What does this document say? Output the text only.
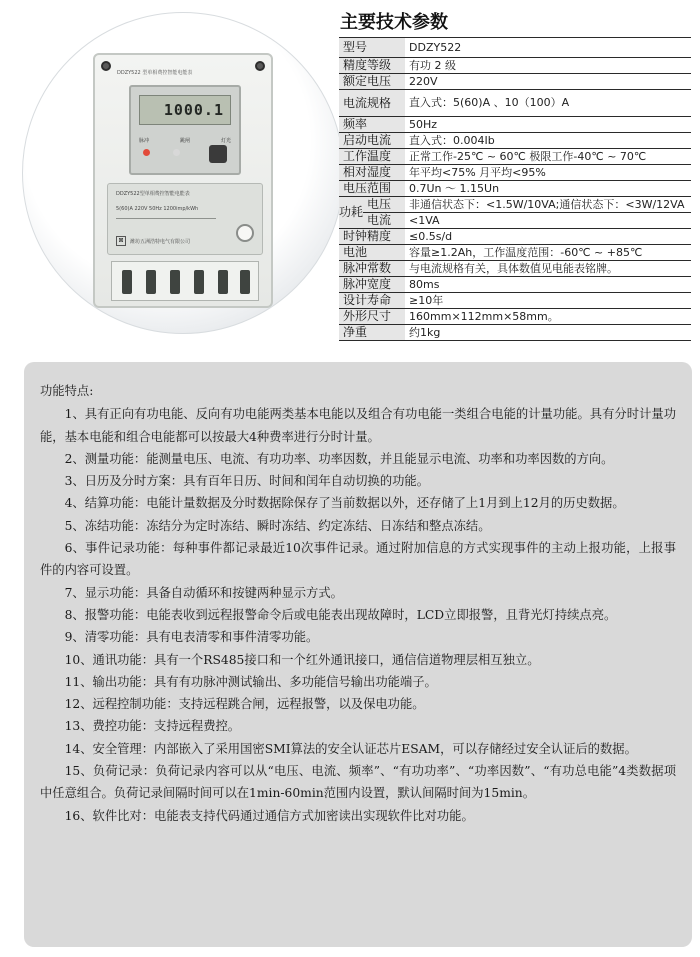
DDZY522 型单相费控智能电能表
1000.1
脉冲	跳闸	灯光
DDZY522型单相费控智能电能表
5(60)A 220V 50Hz 1200imp/kWh
⊠	潍坊五洲浩特电气有限公司
主要技术参数
型号		DDZY522
精度等级		有功 2 级
额定电压		220V
电流规格		直入式：5(60)A 、10（100）A
频率		50Hz
启动电流		直入式：0.004Ib
工作温度		正常工作-25℃ ~ 60℃ 极限工作-40℃ ~ 70℃
相对湿度		年平均<75% 月平均<95%
电压范围		0.7Un ～ 1.15Un
功耗	电压	非通信状态下：<1.5W/10VA;通信状态下：<3W/12VA
	电流	<1VA
时钟精度		≤0.5s/d
电池		容量≥1.2Ah，工作温度范围：-60℃ ~ +85℃
脉冲常数		与电流规格有关，具体数值见电能表铭牌。
脉冲宽度		80ms
设计寿命		≥10年
外形尺寸		160mm×112mm×58mm。
净重		约1kg
功能特点:

1、具有正向有功电能、反向有功电能两类基本电能以及组合有功电能一类组合电能的计量功能。具有分时计量功能，基本电能和组合电能都可以按最大4种费率进行分时计量。

2、测量功能：能测量电压、电流、有功功率、功率因数，并且能显示电流、功率和功率因数的方向。

3、日历及分时方案：具有百年日历、时间和闰年自动切换的功能。

4、结算功能：电能计量数据及分时数据除保存了当前数据以外，还存储了上1月到上12月的历史数据。

5、冻结功能：冻结分为定时冻结、瞬时冻结、约定冻结、日冻结和整点冻结。

6、事件记录功能：每种事件都记录最近10次事件记录。通过附加信息的方式实现事件的主动上报功能，上报事件的内容可设置。

7、显示功能：具备自动循环和按键两种显示方式。

8、报警功能：电能表收到远程报警命令后或电能表出现故障时，LCD立即报警，且背光灯持续点亮。

9、清零功能：具有电表清零和事件清零功能。

10、通讯功能：具有一个RS485接口和一个红外通讯接口，通信信道物理层相互独立。

11、输出功能：具有有功脉冲测试输出、多功能信号输出功能端子。

12、远程控制功能：支持远程跳合闸，远程报警，以及保电功能。

13、费控功能：支持远程费控。

14、安全管理：内部嵌入了采用国密SMI算法的安全认证芯片ESAM，可以存储经过安全认证后的数据。

15、负荷记录：负荷记录内容可以从“电压、电流、频率”、“有功功率”、“功率因数”、“有功总电能”4类数据项中任意组合。负荷记录间隔时间可以在1min-60min范围内设置，默认间隔时间为15min。

16、软件比对：电能表支持代码通过通信方式加密读出实现软件比对功能。
